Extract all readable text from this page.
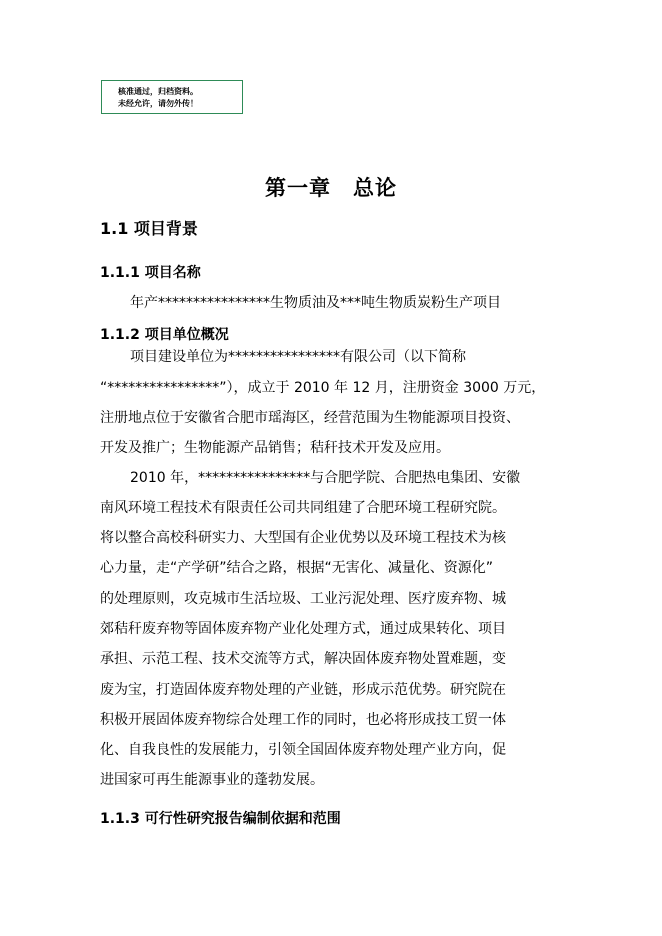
核准通过，归档资料。
未经允许，请勿外传！
第一章　总论
1.1 项目背景
1.1.1 项目名称
年产****************生物质油及***吨生物质炭粉生产项目
1.1.2 项目单位概况
项目建设单位为****************有限公司（以下简称
“****************”），成立于 2010 年 12 月，注册资金 3000 万元，
注册地点位于安徽省合肥市瑶海区，经营范围为生物能源项目投资、
开发及推广；生物能源产品销售；秸秆技术开发及应用。
2010 年，****************与合肥学院、合肥热电集团、安徽
南风环境工程技术有限责任公司共同组建了合肥环境工程研究院。
将以整合高校科研实力、大型国有企业优势以及环境工程技术为核
心力量，走“产学研”结合之路，根据“无害化、减量化、资源化”
的处理原则，攻克城市生活垃圾、工业污泥处理、医疗废弃物、城
郊秸秆废弃物等固体废弃物产业化处理方式，通过成果转化、项目
承担、示范工程、技术交流等方式，解决固体废弃物处置难题，变
废为宝，打造固体废弃物处理的产业链，形成示范优势。研究院在
积极开展固体废弃物综合处理工作的同时，也必将形成技工贸一体
化、自我良性的发展能力，引领全国固体废弃物处理产业方向，促
进国家可再生能源事业的蓬勃发展。
1.1.3 可行性研究报告编制依据和范围
